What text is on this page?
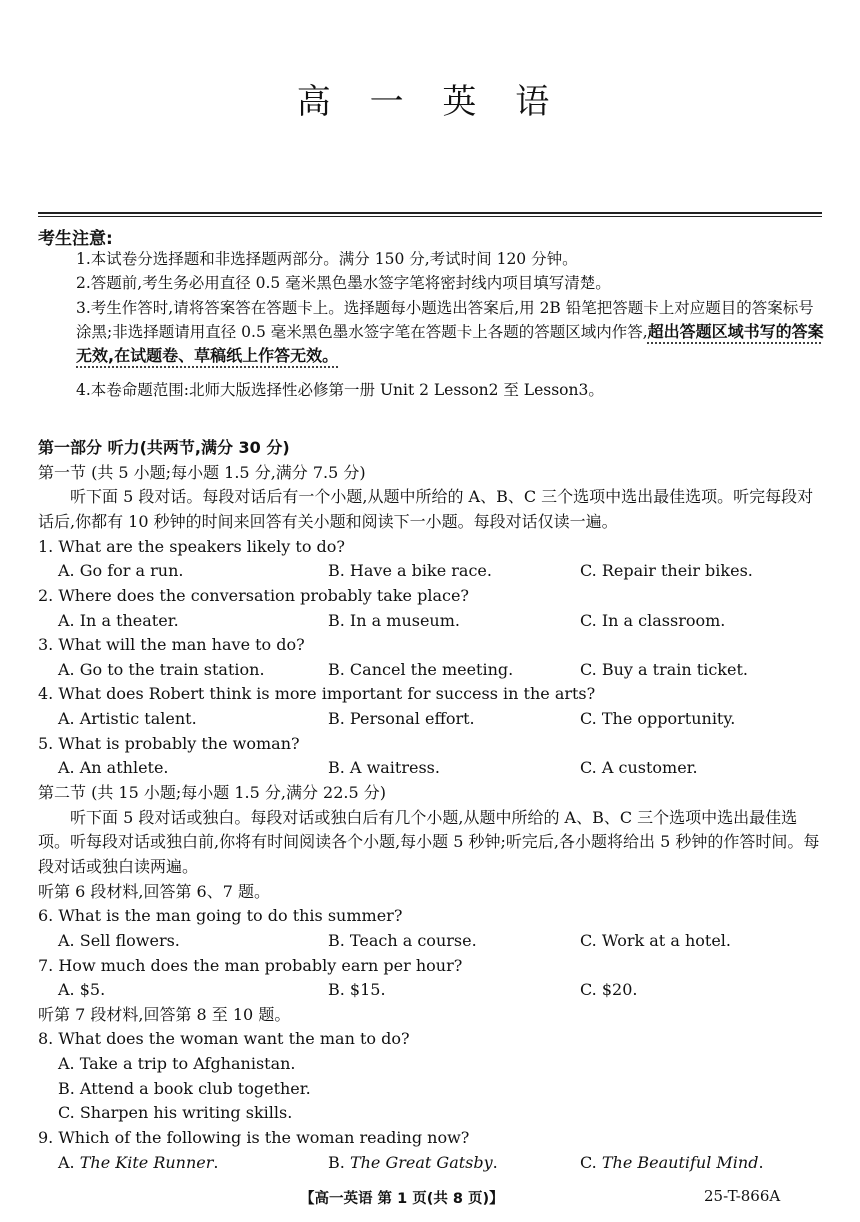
高 一 英 语
考生注意:
1.本试卷分选择题和非选择题两部分。满分 150 分,考试时间 120 分钟。
2.答题前,考生务必用直径 0.5 毫米黑色墨水签字笔将密封线内项目填写清楚。
3.考生作答时,请将答案答在答题卡上。选择题每小题选出答案后,用 2B 铅笔把答题卡上对应题目的答案标号涂黑;非选择题请用直径 0.5 毫米黑色墨水签字笔在答题卡上各题的答题区域内作答,超出答题区域书写的答案无效,在试题卷、草稿纸上作答无效。
4.本卷命题范围:北师大版选择性必修第一册 Unit 2 Lesson2 至 Lesson3。
第一部分 听力(共两节,满分 30 分)
第一节 (共 5 小题;每小题 1.5 分,满分 7.5 分)
听下面 5 段对话。每段对话后有一个小题,从题中所给的 A、B、C 三个选项中选出最佳选项。听完每段对话后,你都有 10 秒钟的时间来回答有关小题和阅读下一小题。每段对话仅读一遍。
1. What are the speakers likely to do?
A. Go for a run.	B. Have a bike race.	C. Repair their bikes.
2. Where does the conversation probably take place?
A. In a theater.	B. In a museum.	C. In a classroom.
3. What will the man have to do?
A. Go to the train station.	B. Cancel the meeting.	C. Buy a train ticket.
4. What does Robert think is more important for success in the arts?
A. Artistic talent.	B. Personal effort.	C. The opportunity.
5. What is probably the woman?
A. An athlete.	B. A waitress.	C. A customer.
第二节 (共 15 小题;每小题 1.5 分,满分 22.5 分)
听下面 5 段对话或独白。每段对话或独白后有几个小题,从题中所给的 A、B、C 三个选项中选出最佳选项。听每段对话或独白前,你将有时间阅读各个小题,每小题 5 秒钟;听完后,各小题将给出 5 秒钟的作答时间。每段对话或独白读两遍。
听第 6 段材料,回答第 6、7 题。
6. What is the man going to do this summer?
A. Sell flowers.	B. Teach a course.	C. Work at a hotel.
7. How much does the man probably earn per hour?
A. $5.	B. $15.	C. $20.
听第 7 段材料,回答第 8 至 10 题。
8. What does the woman want the man to do?
A. Take a trip to Afghanistan.
B. Attend a book club together.
C. Sharpen his writing skills.
9. Which of the following is the woman reading now?
A. The Kite Runner.	B. The Great Gatsby.	C. The Beautiful Mind.
【高一英语 第 1 页(共 8 页)】	25-T-866A
